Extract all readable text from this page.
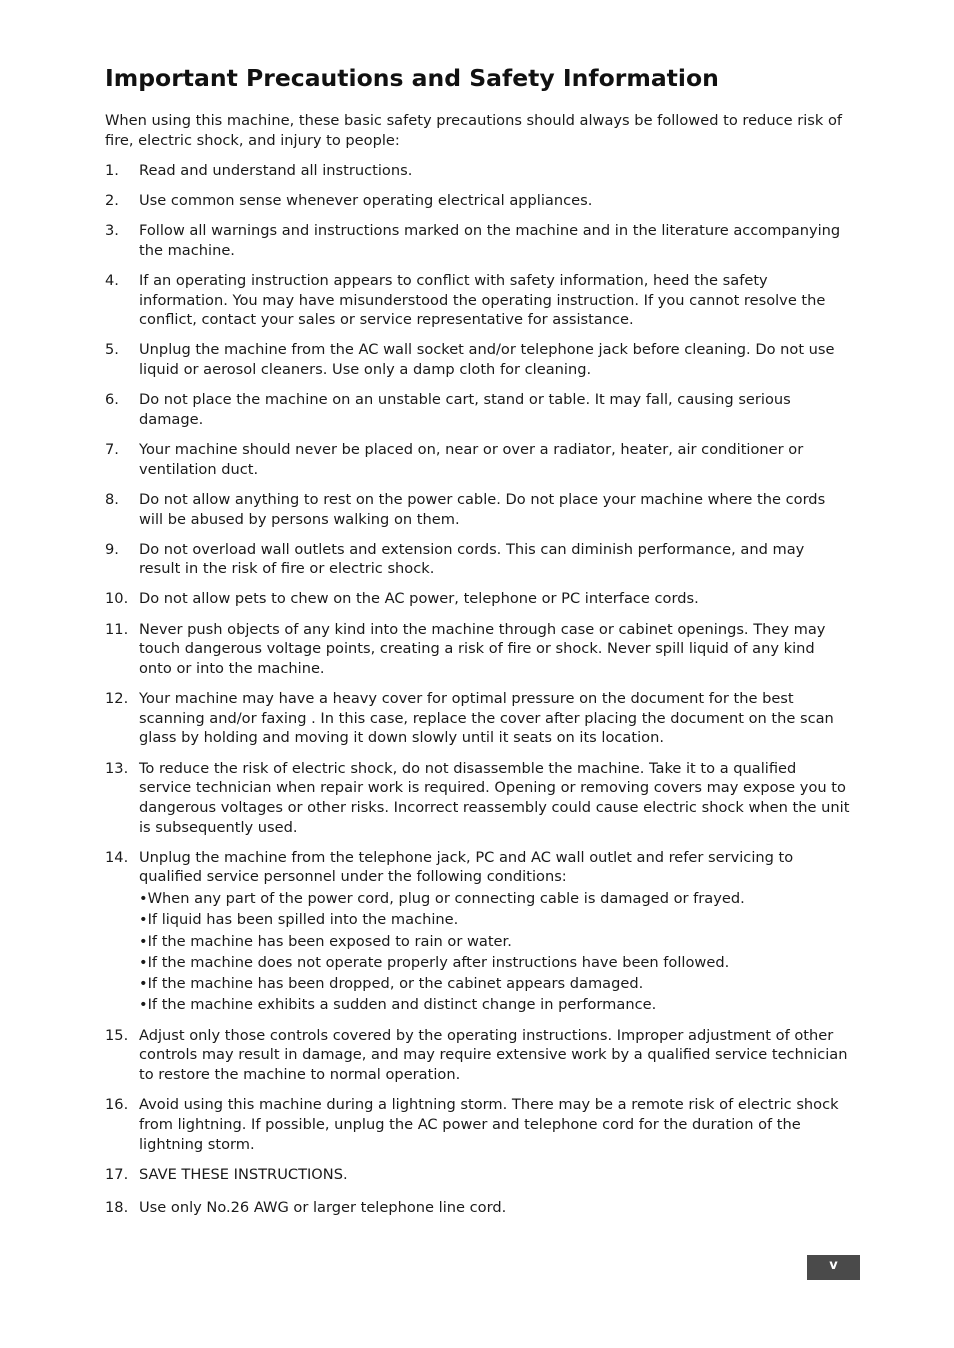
Important Precautions and Safety Information

When using this machine, these basic safety precautions should always be followed to reduce risk of fire, electric shock, and injury to people:

1.	Read and understand all instructions.
2.	Use common sense whenever operating electrical appliances.
3.	Follow all warnings and instructions marked on the machine and in the literature accompanying the machine.
4.	If an operating instruction appears to conflict with safety information, heed the safety information. You may have misunderstood the operating instruction. If you cannot resolve the conflict, contact your sales or service representative for assistance.
5.	Unplug the machine from the AC wall socket and/or telephone jack before cleaning. Do not use liquid or aerosol cleaners. Use only a damp cloth for cleaning.
6.	Do not place the machine on an unstable cart, stand or table. It may fall, causing serious damage.
7.	Your machine should never be placed on, near or over a radiator, heater, air conditioner or ventilation duct.
8.	Do not allow anything to rest on the power cable. Do not place your machine where the cords will be abused by persons walking on them.
9.	Do not overload wall outlets and extension cords. This can diminish performance, and may result in the risk of fire or electric shock.
10. Do not allow pets to chew on the AC power, telephone or PC interface cords.
11. Never push objects of any kind into the machine through case or cabinet openings. They may touch dangerous voltage points, creating a risk of fire or shock. Never spill liquid of any kind onto or into the machine.
12. Your machine may have a heavy cover for optimal pressure on the document for the best scanning and/or faxing . In this case, replace the cover after placing the document on the scan glass by holding and moving it down slowly until it seats on its location.
13. To reduce the risk of electric shock, do not disassemble the machine. Take it to a qualified service technician when repair work is required. Opening or removing covers may expose you to dangerous voltages or other risks. Incorrect reassembly could cause electric shock when the unit is subsequently used.
14. Unplug the machine from the telephone jack, PC and AC wall outlet and refer servicing to qualified service personnel under the following conditions:
•When any part of the power cord, plug or connecting cable is damaged or frayed.
•If liquid has been spilled into the machine.
•If the machine has been exposed to rain or water.
•If the machine does not operate properly after instructions have been followed.
•If the machine has been dropped, or the cabinet appears damaged.
•If the machine exhibits a sudden and distinct change in performance.
15. Adjust only those controls covered by the operating instructions. Improper adjustment of other controls may result in damage, and may require extensive work by a qualified service technician to restore the machine to normal operation.
16. Avoid using this machine during a lightning storm. There may be a remote risk of electric shock from lightning. If possible, unplug the AC power and telephone cord for the duration of the lightning storm.
17. SAVE THESE INSTRUCTIONS.
18. Use only No.26 AWG or larger telephone line cord.
v
